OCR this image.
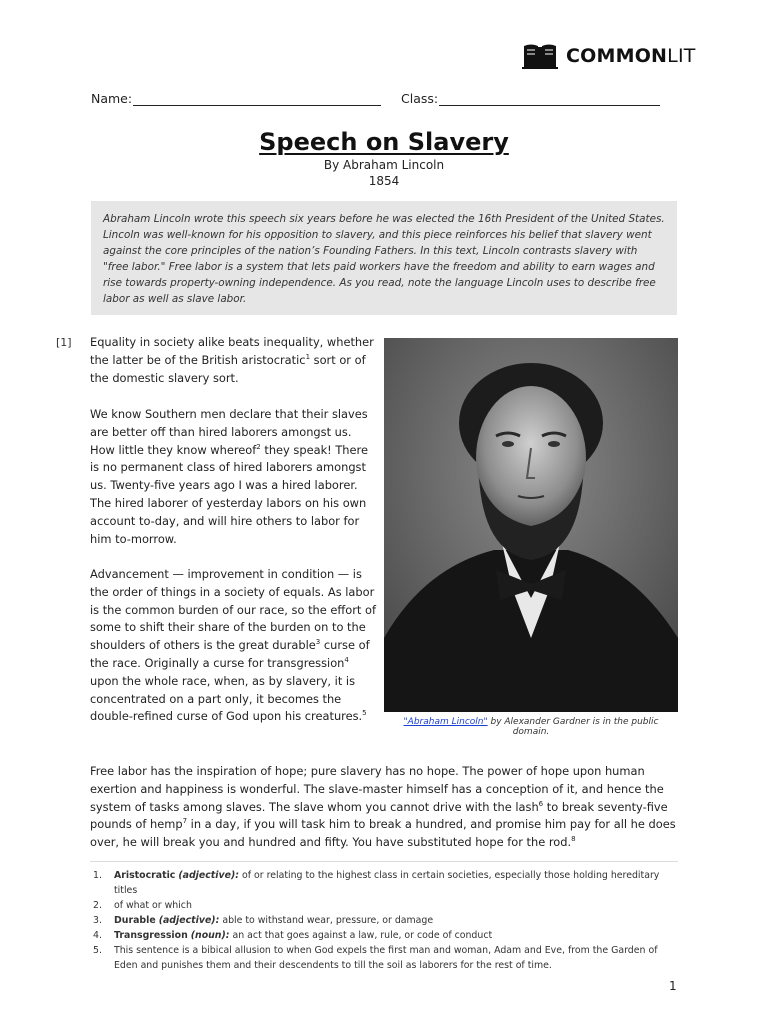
COMMONLIT
Name:	Class:
Speech on Slavery
By Abraham Lincoln
1854
Abraham Lincoln wrote this speech six years before he was elected the 16th President of the United States. Lincoln was well-known for his opposition to slavery, and this piece reinforces his belief that slavery went against the core principles of the nation’s Founding Fathers. In this text, Lincoln contrasts slavery with "free labor." Free labor is a system that lets paid workers have the freedom and ability to earn wages and rise towards property-owning independence. As you read, note the language Lincoln uses to describe free labor as well as slave labor.
[1] Equality in society alike beats inequality, whether the latter be of the British aristocratic$^1$ sort or of the domestic slavery sort.
We know Southern men declare that their slaves are better off than hired laborers amongst us. How little they know whereof$^2$ they speak! There is no permanent class of hired laborers amongst us. Twenty-five years ago I was a hired laborer. The hired laborer of yesterday labors on his own account to-day, and will hire others to labor for him to-morrow.
Advancement — improvement in condition — is the order of things in a society of equals. As labor is the common burden of our race, so the effort of some to shift their share of the burden on to the shoulders of others is the great durable$^3$ curse of the race. Originally a curse for transgression$^4$ upon the whole race, when, as by slavery, it is concentrated on a part only, it becomes the double-refined curse of God upon his creatures.$^5$
"Abraham Lincoln" by Alexander Gardner is in the public domain.
Free labor has the inspiration of hope; pure slavery has no hope. The power of hope upon human exertion and happiness is wonderful. The slave-master himself has a conception of it, and hence the system of tasks among slaves. The slave whom you cannot drive with the lash$^6$ to break seventy-five pounds of hemp$^7$ in a day, if you will task him to break a hundred, and promise him pay for all he does over, he will break you and hundred and fifty. You have substituted hope for the rod.$^8$
1. Aristocratic (adjective): of or relating to the highest class in certain societies, especially those holding hereditary titles
2. of what or which
3. Durable (adjective): able to withstand wear, pressure, or damage
4. Transgression (noun): an act that goes against a law, rule, or code of conduct
5. This sentence is a bibical allusion to when God expels the first man and woman, Adam and Eve, from the Garden of Eden and punishes them and their descendents to till the soil as laborers for the rest of time.
1
